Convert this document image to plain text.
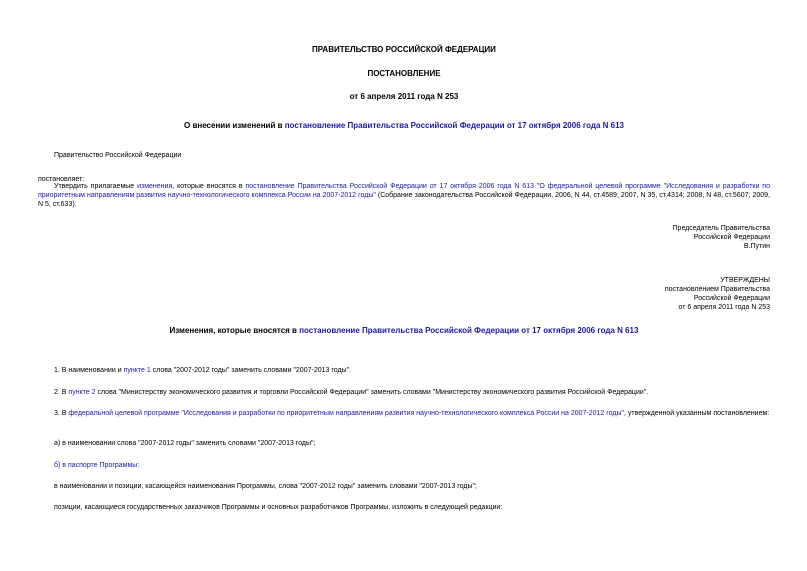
ПРАВИТЕЛЬСТВО РОССИЙСКОЙ ФЕДЕРАЦИИ
ПОСТАНОВЛЕНИЕ
от 6 апреля 2011 года N 253
О внесении изменений в постановление Правительства Российской Федерации от 17 октября 2006 года N 613
Правительство Российской Федерации
постановляет:
Утвердить прилагаемые изменения, которые вносятся в постановление Правительства Российской Федерации от 17 октября 2006 года N 613 "О федеральной целевой программе "Исследования и разработки по приоритетным направлениям развития научно-технологического комплекса России на 2007-2012 годы" (Собрание законодательства Российской Федерации, 2006, N 44, ст.4589; 2007, N 35, ст.4314; 2008, N 48, ст.5607; 2009, N 5, ст.633).
Председатель Правительства
Российской Федерации
В.Путин
УТВЕРЖДЕНЫ
постановлением Правительства
Российской Федерации
от 6 апреля 2011 года N 253
Изменения, которые вносятся в постановление Правительства Российской Федерации от 17 октября 2006 года N 613
1. В наименовании и пункте 1 слова "2007-2012 годы" заменить словами "2007-2013 годы".
2. В пункте 2 слова "Министерству экономического развития и торговли Российской Федерации" заменить словами "Министерству экономического развития Российской Федерации".
3. В федеральной целевой программе "Исследования и разработки по приоритетным направлениям развития научно-технологического комплекса России на 2007-2012 годы", утвержденной указанным постановлением:
а) в наименовании слова "2007-2012 годы" заменить словами "2007-2013 годы";
б) в паспорте Программы:
в наименовании и позиции, касающейся наименования Программы, слова "2007-2012 годы" заменить словами "2007-2013 годы";
позиции, касающиеся государственных заказчиков Программы и основных разработчиков Программы, изложить в следующей редакции:
